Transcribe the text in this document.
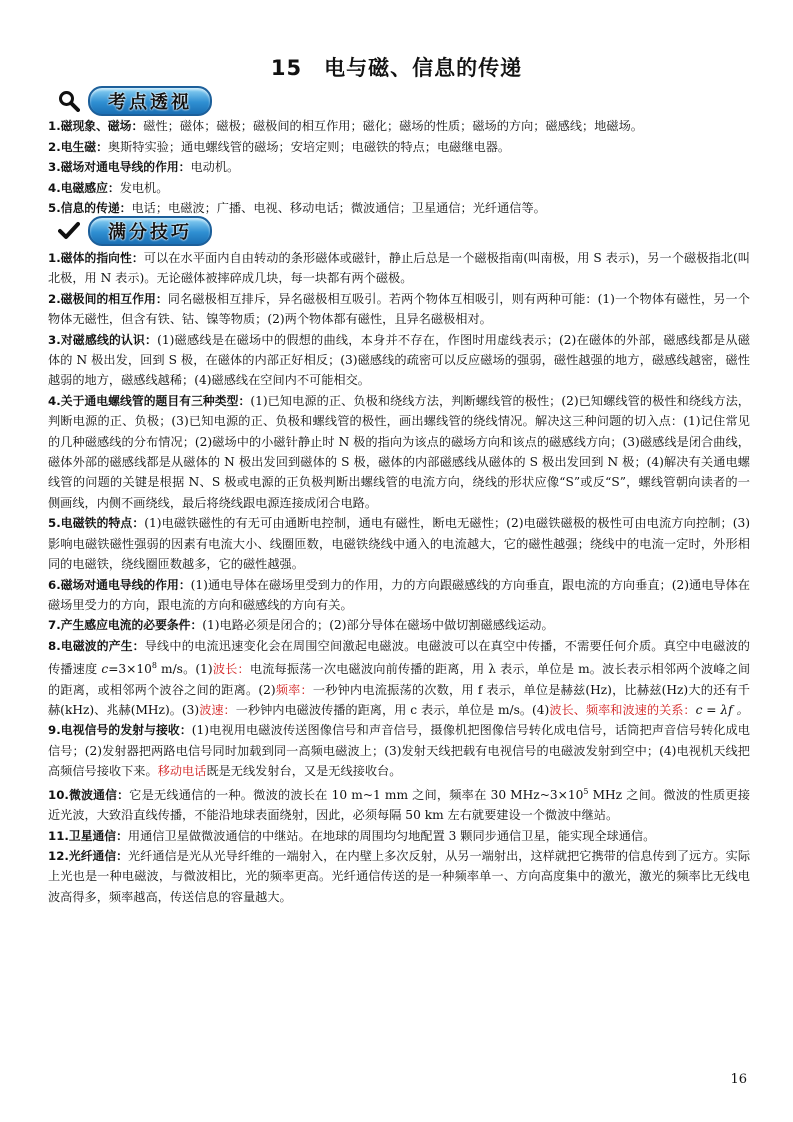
15　电与磁、信息的传递
考点透视

1.磁现象、磁场：磁性；磁体；磁极；磁极间的相互作用；磁化；磁场的性质；磁场的方向；磁感线；地磁场。

2.电生磁：奥斯特实验；通电螺线管的磁场；安培定则；电磁铁的特点；电磁继电器。

3.磁场对通电导线的作用：电动机。

4.电磁感应：发电机。

5.信息的传递：电话；电磁波；广播、电视、移动电话；微波通信；卫星通信；光纤通信等。

满分技巧

1.磁体的指向性：可以在水平面内自由转动的条形磁体或磁针，静止后总是一个磁极指南(叫南极，用 S 表示)，另一个磁极指北(叫北极，用 N 表示)。无论磁体被摔碎成几块，每一块都有两个磁极。

2.磁极间的相互作用：同名磁极相互排斥，异名磁极相互吸引。若两个物体互相吸引，则有两种可能：(1)一个物体有磁性，另一个物体无磁性，但含有铁、钴、镍等物质；(2)两个物体都有磁性，且异名磁极相对。

3.对磁感线的认识：(1)磁感线是在磁场中的假想的曲线，本身并不存在，作图时用虚线表示；(2)在磁体的外部，磁感线都是从磁体的 N 极出发，回到 S 极，在磁体的内部正好相反；(3)磁感线的疏密可以反应磁场的强弱，磁性越强的地方，磁感线越密，磁性越弱的地方，磁感线越稀；(4)磁感线在空间内不可能相交。

4.关于通电螺线管的题目有三种类型：(1)已知电源的正、负极和绕线方法，判断螺线管的极性；(2)已知螺线管的极性和绕线方法，判断电源的正、负极；(3)已知电源的正、负极和螺线管的极性，画出螺线管的绕线情况。解决这三种问题的切入点：(1)记住常见的几种磁感线的分布情况；(2)磁场中的小磁针静止时 N 极的指向为该点的磁场方向和该点的磁感线方向；(3)磁感线是闭合曲线，磁体外部的磁感线都是从磁体的 N 极出发回到磁体的 S 极，磁体的内部磁感线从磁体的 S 极出发回到 N 极；(4)解决有关通电螺线管的问题的关键是根据 N、S 极或电源的正负极判断出螺线管的电流方向，绕线的形状应像“S”或反“S”，螺线管朝向读者的一侧画线，内侧不画绕线，最后将绕线跟电源连接成闭合电路。

5.电磁铁的特点：(1)电磁铁磁性的有无可由通断电控制，通电有磁性，断电无磁性；(2)电磁铁磁极的极性可由电流方向控制；(3)影响电磁铁磁性强弱的因素有电流大小、线圈匝数，电磁铁绕线中通入的电流越大，它的磁性越强；绕线中的电流一定时，外形相同的电磁铁，绕线圈匝数越多，它的磁性越强。

6.磁场对通电导线的作用：(1)通电导体在磁场里受到力的作用，力的方向跟磁感线的方向垂直，跟电流的方向垂直；(2)通电导体在磁场里受力的方向，跟电流的方向和磁感线的方向有关。

7.产生感应电流的必要条件：(1)电路必须是闭合的；(2)部分导体在磁场中做切割磁感线运动。

8.电磁波的产生：导线中的电流迅速变化会在周围空间激起电磁波。电磁波可以在真空中传播，不需要任何介质。真空中电磁波的传播速度 $c=3\times 10^8$ m/s。(1)波长：电流每振荡一次电磁波向前传播的距离，用 λ 表示，单位是 m。波长表示相邻两个波峰之间的距离，或相邻两个波谷之间的距离。(2)频率：一秒钟内电流振荡的次数，用 f 表示，单位是赫兹(Hz)，比赫兹(Hz)大的还有千赫(kHz)、兆赫(MHz)。(3)波速：一秒钟内电磁波传播的距离，用 c 表示，单位是 m/s。(4)波长、频率和波速的关系：c = λf 。

9.电视信号的发射与接收：(1)电视用电磁波传送图像信号和声音信号，摄像机把图像信号转化成电信号，话筒把声音信号转化成电信号；(2)发射器把两路电信号同时加载到同一高频电磁波上；(3)发射天线把载有电视信号的电磁波发射到空中；(4)电视机天线把高频信号接收下来。移动电话既是无线发射台，又是无线接收台。

10.微波通信：它是无线通信的一种。微波的波长在 10 m~1 mm 之间，频率在 30 $MHz\sim 3\times 10^5$ MHz 之间。微波的性质更接近光波，大致沿直线传播，不能沿地球表面绕射，因此，必须每隔 50 km 左右就要建设一个微波中继站。

11.卫星通信：用通信卫星做微波通信的中继站。在地球的周围均匀地配置 3 颗同步通信卫星，能实现全球通信。

12.光纤通信：光纤通信是光从光导纤维的一端射入，在内壁上多次反射，从另一端射出，这样就把它携带的信息传到了远方。实际上光也是一种电磁波，与微波相比，光的频率更高。光纤通信传送的是一种频率单一、方向高度集中的激光，激光的频率比无线电波高得多，频率越高，传送信息的容量越大。

16
